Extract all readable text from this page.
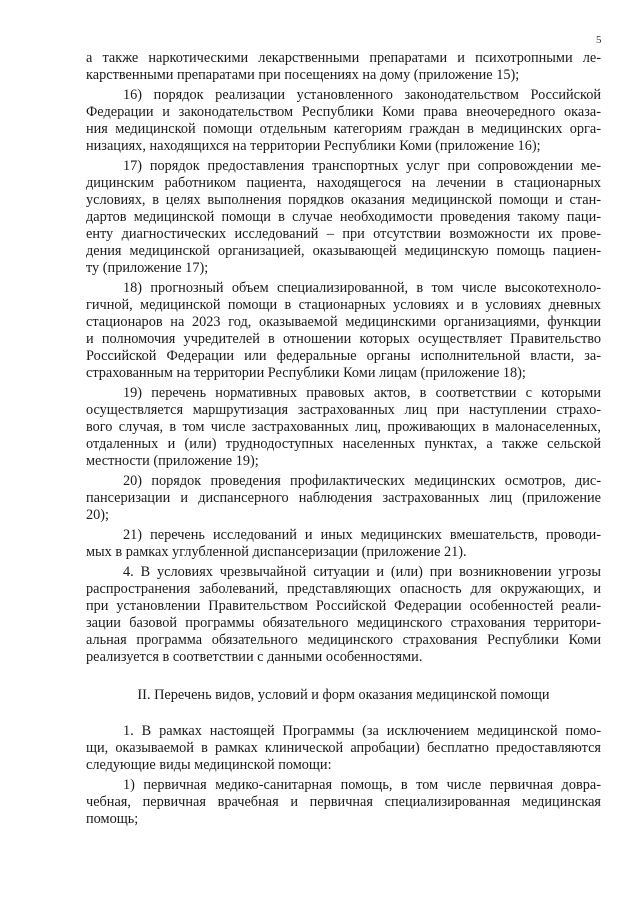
5
а также наркотическими лекарственными препаратами и психотропными ле-
карственными препаратами при посещениях на дому (приложение 15);
16) порядок реализации установленного законодательством Российской
Федерации и законодательством Республики Коми права внеочередного оказа-
ния медицинской помощи отдельным категориям граждан в медицинских орга-
низациях, находящихся на территории Республики Коми (приложение 16);
17) порядок предоставления транспортных услуг при сопровождении ме-
дицинским работником пациента, находящегося на лечении в стационарных
условиях, в целях выполнения порядков оказания медицинской помощи и стан-
дартов медицинской помощи в случае необходимости проведения такому паци-
енту диагностических исследований – при отсутствии возможности их прове-
дения медицинской организацией, оказывающей медицинскую помощь пациен-
ту (приложение 17);
18) прогнозный объем специализированной, в том числе высокотехноло-
гичной, медицинской помощи в стационарных условиях и в условиях дневных
стационаров на 2023 год, оказываемой медицинскими организациями, функции
и полномочия учредителей в отношении которых осуществляет Правительство
Российской Федерации или федеральные органы исполнительной власти, за-
страхованным на территории Республики Коми лицам (приложение 18);
19) перечень нормативных правовых актов, в соответствии с которыми
осуществляется маршрутизация застрахованных лиц при наступлении страхо-
вого случая, в том числе застрахованных лиц, проживающих в малонаселенных,
отдаленных и (или) труднодоступных населенных пунктах, а также сельской
местности (приложение 19);
20) порядок проведения профилактических медицинских осмотров, дис-
пансеризации и диспансерного наблюдения застрахованных лиц (приложение
20);
21) перечень исследований и иных медицинских вмешательств, проводи-
мых в рамках углубленной диспансеризации (приложение 21).
4. В условиях чрезвычайной ситуации и (или) при возникновении угрозы
распространения заболеваний, представляющих опасность для окружающих, и
при установлении Правительством Российской Федерации особенностей реали-
зации базовой программы обязательного медицинского страхования территори-
альная программа обязательного медицинского страхования Республики Коми
реализуется в соответствии с данными особенностями.
II. Перечень видов, условий и форм оказания медицинской помощи
1. В рамках настоящей Программы (за исключением медицинской помо-
щи, оказываемой в рамках клинической апробации) бесплатно предоставляются
следующие виды медицинской помощи:
1) первичная медико-санитарная помощь, в том числе первичная довра-
чебная, первичная врачебная и первичная специализированная медицинская
помощь;
